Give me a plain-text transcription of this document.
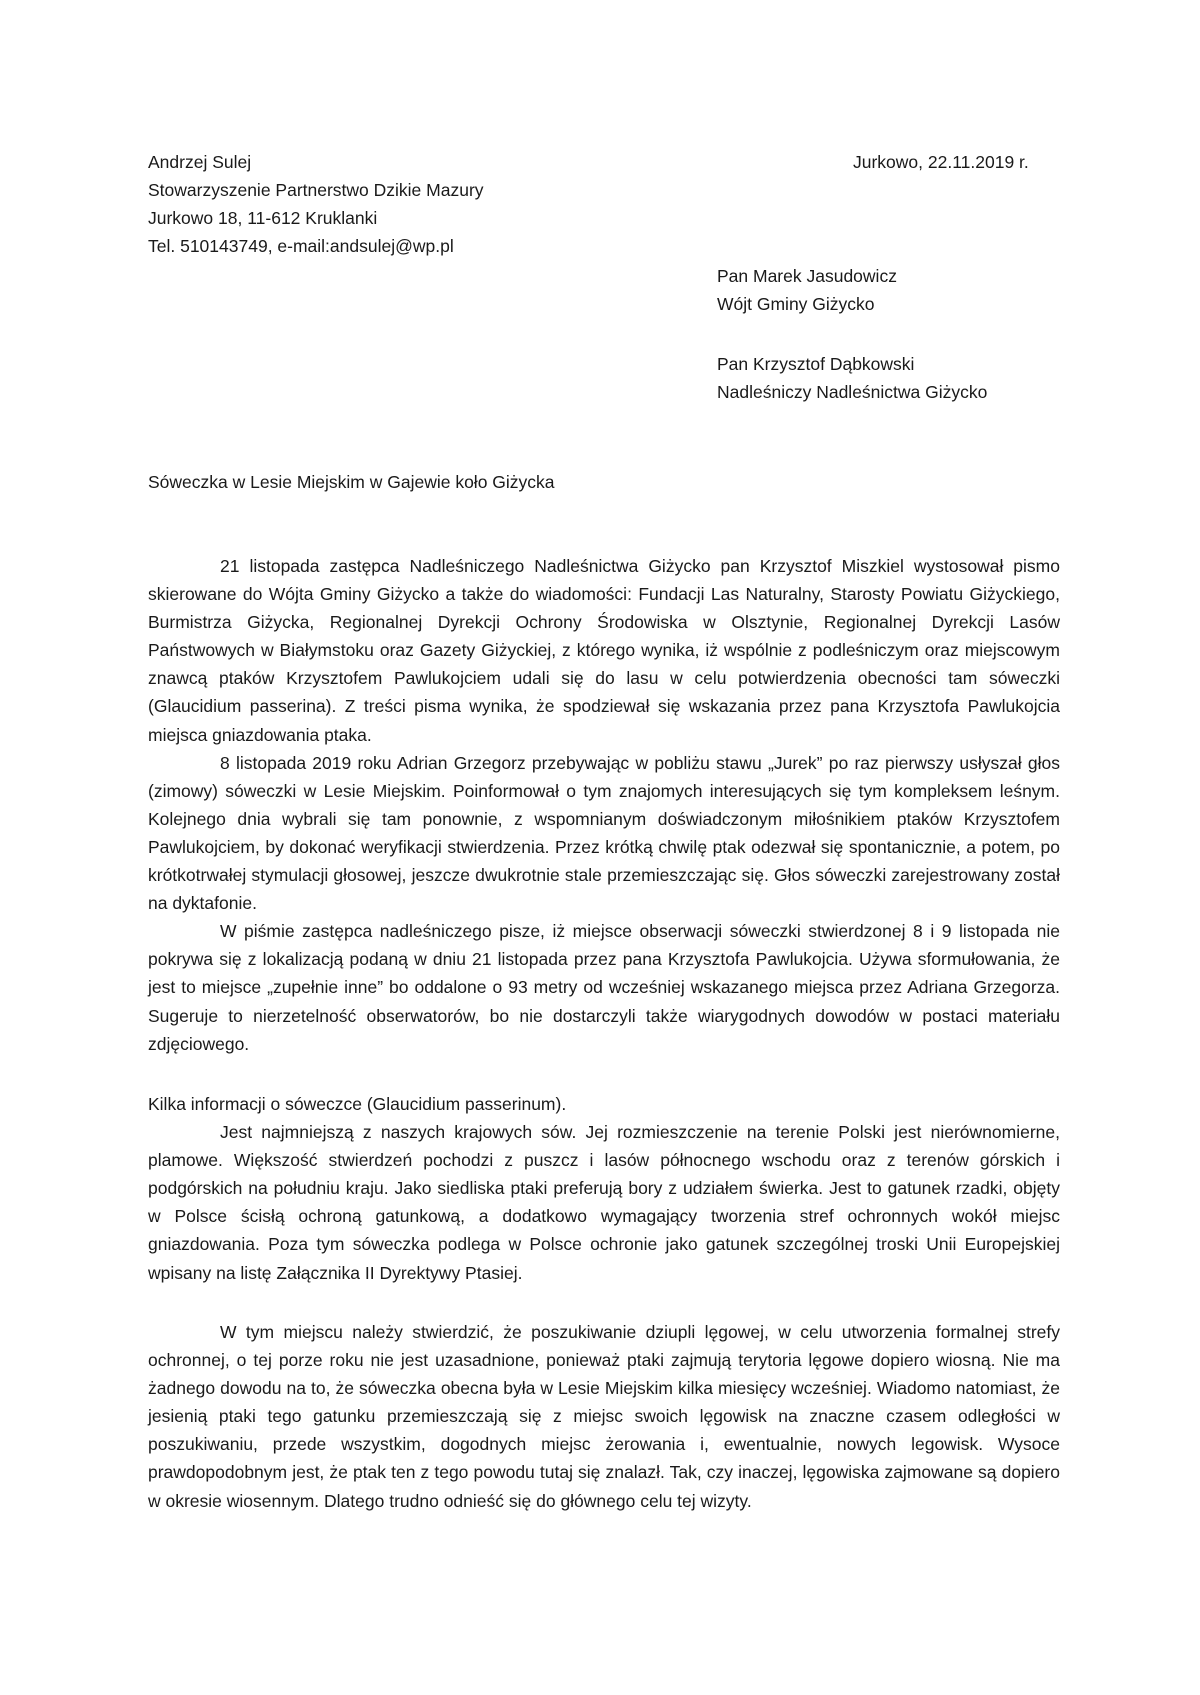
Andrzej Sulej
Stowarzyszenie Partnerstwo Dzikie Mazury
Jurkowo 18, 11-612 Kruklanki
Tel. 510143749, e-mail:andsulej@wp.pl
Jurkowo, 22.11.2019 r.
Pan Marek Jasudowicz
Wójt Gminy Giżycko
Pan Krzysztof Dąbkowski
Nadleśniczy Nadleśnictwa Giżycko
Sóweczka w Lesie Miejskim w Gajewie koło Giżycka

21 listopada zastępca Nadleśniczego Nadleśnictwa Giżycko pan Krzysztof Miszkiel wystosował pismo skierowane do Wójta Gminy Giżycko a także do wiadomości: Fundacji Las Naturalny, Starosty Powiatu Giżyckiego, Burmistrza Giżycka, Regionalnej Dyrekcji Ochrony Środowiska w Olsztynie, Regionalnej Dyrekcji Lasów Państwowych w Białymstoku oraz Gazety Giżyckiej, z którego wynika, iż wspólnie z podleśniczym oraz miejscowym znawcą ptaków Krzysztofem Pawlukojciem udali się do lasu w celu potwierdzenia obecności tam sóweczki (Glaucidium passerina). Z treści pisma wynika, że spodziewał się wskazania przez pana Krzysztofa Pawlukojcia miejsca gniazdowania ptaka.

8 listopada 2019 roku Adrian Grzegorz przebywając w pobliżu stawu „Jurek” po raz pierwszy usłyszał głos (zimowy) sóweczki w Lesie Miejskim. Poinformował o tym znajomych interesujących się tym kompleksem leśnym. Kolejnego dnia wybrali się tam ponownie, z wspomnianym doświadczonym miłośnikiem ptaków Krzysztofem Pawlukojciem, by dokonać weryfikacji stwierdzenia. Przez krótką chwilę ptak odezwał się spontanicznie, a potem, po krótkotrwałej stymulacji głosowej, jeszcze dwukrotnie stale przemieszczając się. Głos sóweczki zarejestrowany został na dyktafonie.

W piśmie zastępca nadleśniczego pisze, iż miejsce obserwacji sóweczki stwierdzonej 8 i 9 listopada nie pokrywa się z lokalizacją podaną w dniu 21 listopada przez pana Krzysztofa Pawlukojcia. Używa sformułowania, że jest to miejsce „zupełnie inne” bo oddalone o 93 metry od wcześniej wskazanego miejsca przez Adriana Grzegorza. Sugeruje to nierzetelność obserwatorów, bo nie dostarczyli także wiarygodnych dowodów w postaci materiału zdjęciowego.

Kilka informacji o sóweczce (Glaucidium passerinum).

Jest najmniejszą z naszych krajowych sów. Jej rozmieszczenie na terenie Polski jest nierównomierne, plamowe. Większość stwierdzeń pochodzi z puszcz i lasów północnego wschodu oraz z terenów górskich i podgórskich na południu kraju. Jako siedliska ptaki preferują bory z udziałem świerka. Jest to gatunek rzadki, objęty w Polsce ścisłą ochroną gatunkową, a dodatkowo wymagający tworzenia stref ochronnych wokół miejsc gniazdowania. Poza tym sóweczka podlega w Polsce ochronie jako gatunek szczególnej troski Unii Europejskiej wpisany na listę Załącznika II Dyrektywy Ptasiej.

W tym miejscu należy stwierdzić, że poszukiwanie dziupli lęgowej, w celu utworzenia formalnej strefy ochronnej, o tej porze roku nie jest uzasadnione, ponieważ ptaki zajmują terytoria lęgowe dopiero wiosną. Nie ma żadnego dowodu na to, że sóweczka obecna była w Lesie Miejskim kilka miesięcy wcześniej. Wiadomo natomiast, że jesienią ptaki tego gatunku przemieszczają się z miejsc swoich lęgowisk na znaczne czasem odległości w poszukiwaniu, przede wszystkim, dogodnych miejsc żerowania i, ewentualnie, nowych legowisk. Wysoce prawdopodobnym jest, że ptak ten z tego powodu tutaj się znalazł. Tak, czy inaczej, lęgowiska zajmowane są dopiero w okresie wiosennym. Dlatego trudno odnieść się do głównego celu tej wizyty.
